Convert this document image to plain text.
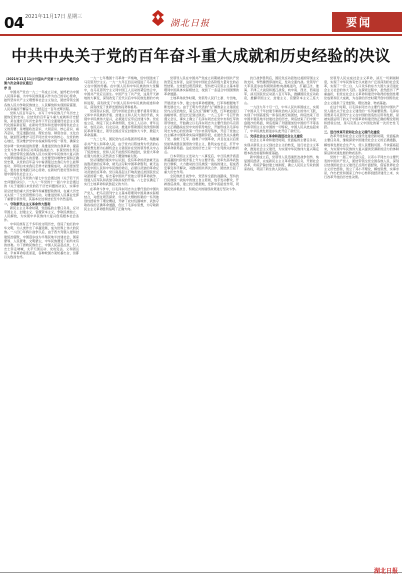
04 2021年11月17日 星期三
湖北日报	要闻
中共中央关于党的百年奋斗重大成就和历史经验的决议

（2021年11月11日中国共产党第十九届中央委员会第六次全体会议通过）

序 言

中国共产党自一九二一年成立以来，始终把为中国人民谋幸福、为中华民族谋复兴作为自己的初心使命，始终坚持共产主义理想和社会主义信念，团结带领全国各族人民为争取民族独立、人民解放和实现国家富强、人民幸福而不懈奋斗，已经走过一百年光辉历程。

党和人民百年奋斗，书写了中华民族几千年历史上最恢宏的史诗。总结党的百年奋斗重大成就和历史经验，是在建党百年历史条件下开启全面建设社会主义现代化国家新征程、在新时代坚持和发展中国特色社会主义的需要；是增强政治意识、大局意识、核心意识、看齐意识，坚定道路自信、理论自信、制度自信、文化自信，做到坚决维护习近平同志党中央的核心、全党的核心地位，坚决维护党中央权威和集中统一领导，确保全党步调一致向前进的需要；是推进党的自我革命、提高全党斗争本领和应对风险挑战能力、永葆党的生机活力、团结带领全国各族人民为实现中华民族伟大复兴的中国梦而继续奋斗的需要。全党要坚持唯物史观和正确党史观，从党的百年奋斗中看清楚过去我们为什么能够成功、弄明白未来我们怎样才能继续成功，从而更加坚定、更加自觉地践行初心使命，在新时代更好坚持和发展中国特色社会主义。

一九四五年党的六届七中全会通过的《关于若干历史问题的决议》、一九八一年党的十一届六中全会通过的《关于建国以来党的若干历史问题的决议》，实事求是总结党的重大历史事件和重要经验教训，在重大历史关头统一了全党思想和行动，对推进党和人民事业发挥了重要引领作用，其基本论述和结论至今仍然适用。

一、夺取新民主主义革命伟大胜利

新民主主义革命时期，党面临的主要任务是，反对帝国主义、封建主义、官僚资本主义，争取民族独立、人民解放，为实现中华民族伟大复兴创造根本社会条件。

中华民族有五千多年的文明历史，创造了灿烂的中华文明，为人类作出了卓越贡献，成为世界上伟大的民族。一八四〇年鸦片战争以后，由于西方列强入侵和封建统治腐败，中国逐步成为半殖民地半封建社会，国家蒙辱、人民蒙难、文明蒙尘，中华民族遭受了前所未有的劫难。为了拯救民族危亡，中国人民奋起反抗，仁人志士奔走呐喊，太平天国运动、戊戌变法、义和团运动、辛亥革命接连而起，各种救国方案轮番出台，但都以失败而告终。

一九一七年俄国十月革命一声炮响，给中国送来了马克思列宁主义。一九一九年五四运动促进了马克思主义在中国的传播。在中国人民和中华民族的伟大觉醒中，在马克思列宁主义同中国工人运动的紧密结合中，中国共产党应运而生。中国产生了共产党，这是开天辟地的大事变，深刻改变了近代以后中华民族发展的方向和进程，深刻改变了中国人民和中华民族的前途和命运，深刻改变了世界发展的趋势和格局。

党深刻认识到，近代中国社会的主要矛盾是帝国主义和中华民族的矛盾、封建主义和人民大众的矛盾，实现中华民族伟大复兴，必须进行反帝反封建斗争。党在成立后，制定了民主革命纲领，发动工人运动、青年运动、农民运动、妇女运动，推进并帮助国民党改组和国民革命军建立，领导全国反帝反封建伟大斗争，掀起大革命高潮。

一九二七年，国民党内反动集团背叛革命，残酷屠杀共产党人和革命人民，由于党内以陈独秀为代表的右倾思想发展为右倾机会主义错误并在党的领导机关中占了统治地位，党和人民不能组织有效抵抗，致使大革命在强大的敌人突然袭击下遭到惨重失败。

党从残酷的现实中认识到，没有革命的武装就无法战胜武装的反革命，就无法夺取中国革命胜利，就无法改变中国人民和中华民族的命运，必须以武装的革命反对武装的反革命。党以南昌起义打响武装反抗国民党反动派的第一枪，标志着中国共产党独立领导革命战争、创建人民军队和武装夺取政权的开端。八七会议确定了实行土地革命和武装起义的方针。

在革命斗争中，以毛泽东同志为主要代表的中国共产党人，把马克思列宁主义基本原理同中国具体实际相结合，对经过艰苦探索、付出巨大牺牲积累的一系列独创性经验作了理论概括，开辟了农村包围城市、武装夺取政权的正确革命道路，创立了毛泽东思想，为夺取新民主主义革命胜利指明了正确方向。

党领导人民在中国共产党成立初期就是中国共产党的坚定支持者，这是当时中国社会各阶级力量对比的必然结果。全党经过艰苦探索，坚持把马克思主义基本原理同中国具体实际相结合，找到了一条适合中国国情的革命道路。

土地革命战争时期，党领导人民打土豪、分田地，开展武装斗争，建立农村革命根据地，红军和根据地不断发展壮大。由于王明为代表的"左"倾教条主义错误在党内占统治地位，第五次反"围剿"失败，红军被迫进行战略转移，经过长征到达陕北。一九三五年一月召开的遵义会议，事实上确立了毛泽东同志在党中央和红军的领导地位，开始确立以毛泽东同志为主要代表的马克思主义正确路线在党中央的领导地位，开始形成以毛泽东同志为核心的党的第一代中央领导集体，开启了党独立自主解决中国革命实际问题新阶段，在最危急关头挽救了党、挽救了红军、挽救了中国革命，并且在这以后使党能够战胜张国焘的分裂主义，胜利完成长征，打开中国革命新局面。这在党的历史上是一个生死攸关的转折点。

日本帝国主义发动九一八事变后，中日民族矛盾逐渐超越国内阶级矛盾上升为主要矛盾。党率先高举武装抗日旗帜，大力推动抗日民族统一战线的建立，促成西安事变和平解决，对推动国共再次合作、团结抗日起了重大历史作用。

全民族抗日战争中，党坚持全面抗战路线，坚持抗日民族统一战线中的独立自主原则，放手发动群众，开辟敌后战场，建立抗日根据地，发挥中流砥柱作用，同国民党消极抗日、积极反共的错误政策进行坚决斗争。

抗日战争胜利后，国民党反动派依仗美国帝国主义的支持，悍然撕毁停战协定，发动全面内战。党领导广大军民逐步由积极防御转向战略进攻，打赢辽沈、淮海、平津三大战役和渡江战役，向中南、西北、西南进军，消灭国民党反动派八百万军队，推翻国民党反动政府，推翻帝国主义、封建主义、官僚资本主义三座大山。

一九四九年十月一日，中华人民共和国成立，实现了中国从几千年封建专制政治向人民民主的伟大飞跃，实现了中国高度统一和各民族空前团结，彻底结束了旧中国半殖民地半封建社会的历史，彻底结束了旧中国一盘散沙的局面，彻底废除了列强强加给中国的不平等条约和帝国主义在中国的一切特权，中国人民从此站起来了，中华民族发展进步从此开启了新纪元。

二、完成社会主义革命和推进社会主义建设

社会主义革命和建设时期，党面临的主要任务是，实现从新民主主义到社会主义的转变，进行社会主义革命，推进社会主义建设，为实现中华民族伟大复兴奠定根本政治前提和制度基础。

新中国成立后，党领导人民迅速医治战争创伤、恢复国民经济，完成新民主主义革命遗留任务，开展社会改革，彻底铲除封建土地制度，确立人民民主专政的国家政权，巩固了新生的人民政权。

党领导人民完成社会主义革命，消灭一切剥削制度，实现了中华民族有史以来最为广泛而深刻的社会变革，实现了一穷二白、人口众多的东方大国大步迈进社会主义社会的伟大飞跃。在探索过程中，虽然经历了严重曲折，但党在社会主义革命和建设中取得的独创性理论成果和巨大成就，为在新的历史时期开创中国特色社会主义提供了宝贵经验、理论准备、物质基础。

在这个时期，以毛泽东同志为主要代表的中国共产党人提出关于社会主义建设的一系列重要思想。毛泽东思想是马克思列宁主义在中国的创造性运用和发展，是被实践证明了的关于中国革命和建设的正确的理论原则和经验总结，是马克思主义中国化的第一次历史性飞跃。

三、进行改革开放和社会主义现代化建设

改革开放和社会主义现代化建设新时期，党面临的主要任务是，继续探索中国建设社会主义的正确道路，解放和发展社会生产力，使人民摆脱贫困、尽快富裕起来，为实现中华民族伟大复兴提供充满新的活力的体制保证和快速发展的物质条件。

党的十一届三中全会以后，以邓小平同志为主要代表的中国共产党人，团结带领全党全国各族人民，深刻总结我国社会主义建设正反两方面经验，借鉴世界社会主义历史经验，创立了邓小平理论，解放思想，实事求是，作出把党和国家工作中心转移到经济建设上来、实行改革开放的历史性决策。

湖北日报
